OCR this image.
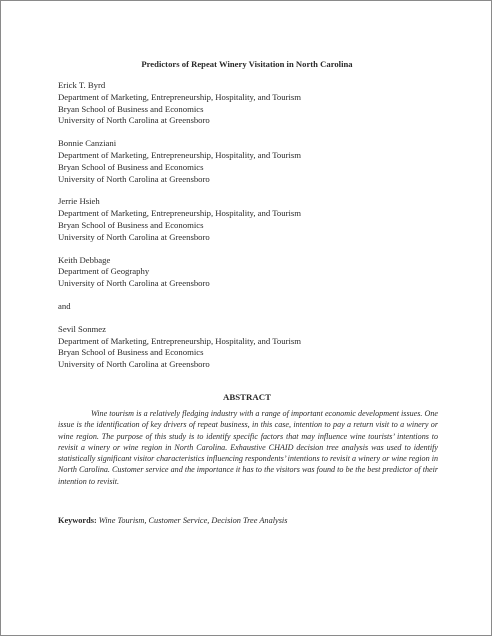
Predictors of Repeat Winery Visitation in North Carolina
Erick T. Byrd
Department of Marketing, Entrepreneurship, Hospitality, and Tourism
Bryan School of Business and Economics
University of North Carolina at Greensboro
Bonnie Canziani
Department of Marketing, Entrepreneurship, Hospitality, and Tourism
Bryan School of Business and Economics
University of North Carolina at Greensboro
Jerrie Hsieh
Department of Marketing, Entrepreneurship, Hospitality, and Tourism
Bryan School of Business and Economics
University of North Carolina at Greensboro
Keith Debbage
Department of Geography
University of North Carolina at Greensboro
and
Sevil Sonmez
Department of Marketing, Entrepreneurship, Hospitality, and Tourism
Bryan School of Business and Economics
University of North Carolina at Greensboro
ABSTRACT

Wine tourism is a relatively fledging industry with a range of important economic development issues. One issue is the identification of key drivers of repeat business, in this case, intention to pay a return visit to a winery or wine region. The purpose of this study is to identify specific factors that may influence wine tourists’ intentions to revisit a winery or wine region in North Carolina. Exhaustive CHAID decision tree analysis was used to identify statistically significant visitor characteristics influencing respondents’ intentions to revisit a winery or wine region in North Carolina. Customer service and the importance it has to the visitors was found to be the best predictor of their intention to revisit.

Keywords: Wine Tourism, Customer Service, Decision Tree Analysis
